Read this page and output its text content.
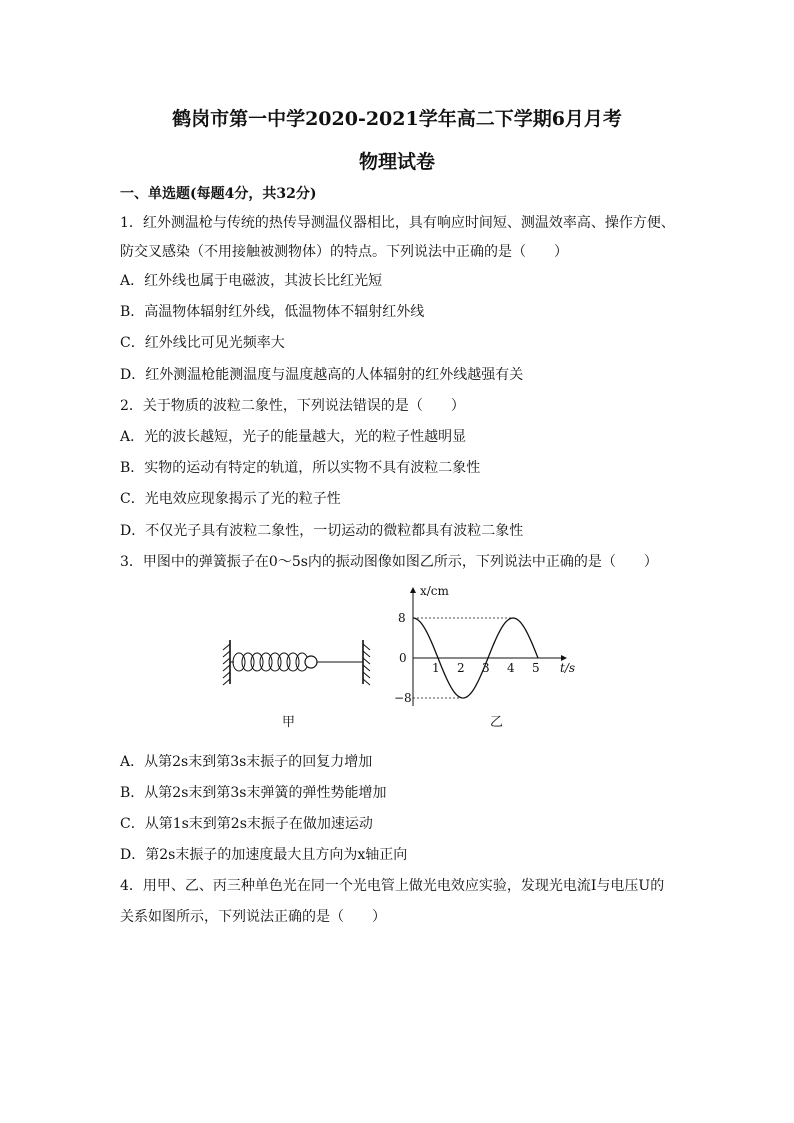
鹤岗市第一中学2020-2021学年高二下学期6月月考
物理试卷
一、单选题(每题4分，共32分)
1．红外测温枪与传统的热传导测温仪器相比，具有响应时间短、测温效率高、操作方便、
防交叉感染（不用接触被测物体）的特点。下列说法中正确的是（　　）
A．红外线也属于电磁波，其波长比红光短
B．高温物体辐射红外线，低温物体不辐射红外线
C．红外线比可见光频率大
D．红外测温枪能测温度与温度越高的人体辐射的红外线越强有关
2．关于物质的波粒二象性，下列说法错误的是（　　）
A．光的波长越短，光子的能量越大，光的粒子性越明显
B．实物的运动有特定的轨道，所以实物不具有波粒二象性
C．光电效应现象揭示了光的粒子性
D．不仅光子具有波粒二象性，一切运动的微粒都具有波粒二象性
3．甲图中的弹簧振子在0～5s内的振动图像如图乙所示，下列说法中正确的是（　　）
甲
x/cm
t/s
8
0
−8
1 2 3 4 5
乙
A．从第2s末到第3s末振子的回复力增加
B．从第2s末到第3s末弹簧的弹性势能增加
C．从第1s末到第2s末振子在做加速运动
D．第2s末振子的加速度最大且方向为x轴正向
4．用甲、乙、丙三种单色光在同一个光电管上做光电效应实验，发现光电流I与电压U的
关系如图所示，下列说法正确的是（　　）
